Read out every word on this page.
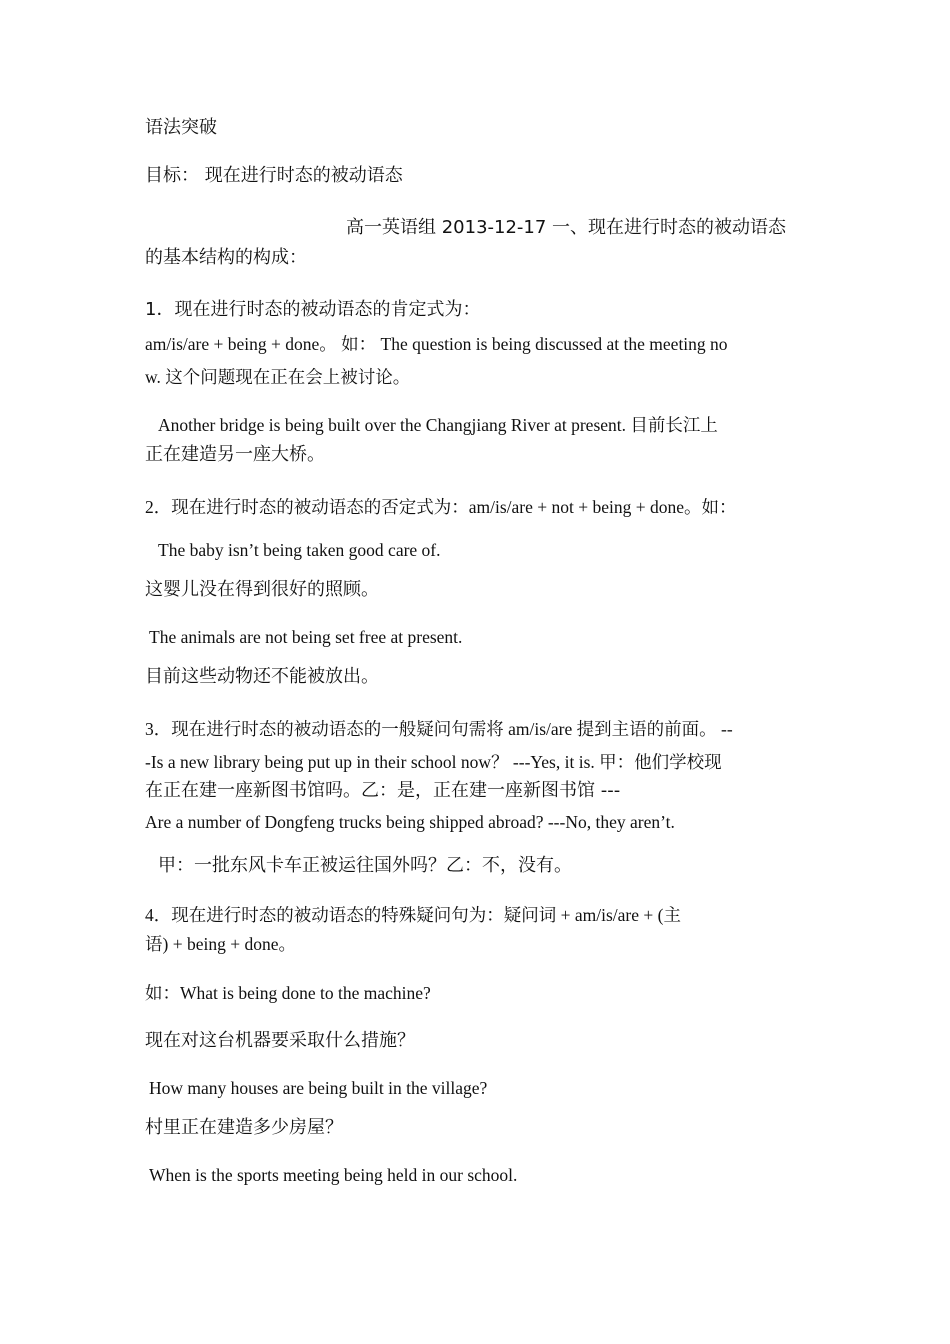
语法突破
目标： 现在进行时态的被动语态
高一英语组 2013-12-17 一、现在进行时态的被动语态
的基本结构的构成：
1．现在进行时态的被动语态的肯定式为：
am/is/are + being + done。 如： The question is being discussed at the meeting no
w. 这个问题现在正在会上被讨论。
Another bridge is being built over the Changjiang River at present. 目前长江上
正在建造另一座大桥。
2．现在进行时态的被动语态的否定式为：am/is/are + not + being + done。如：
The baby isn’t being taken good care of.
这婴儿没在得到很好的照顾。
The animals are not being set free at present.
目前这些动物还不能被放出。
3．现在进行时态的被动语态的一般疑问句需将 am/is/are 提到主语的前面。 --
-Is a new library being put up in their school now？ ---Yes, it is. 甲：他们学校现
在正在建一座新图书馆吗。乙：是，正在建一座新图书馆 ---
Are a number of Dongfeng trucks being shipped abroad? ---No, they aren’t.
甲：一批东风卡车正被运往国外吗？乙：不，没有。
4．现在进行时态的被动语态的特殊疑问句为：疑问词 + am/is/are + (主
语) + being + done。
如：What is being done to the machine?
现在对这台机器要采取什么措施？
How many houses are being built in the village?
村里正在建造多少房屋？
When is the sports meeting being held in our school.
